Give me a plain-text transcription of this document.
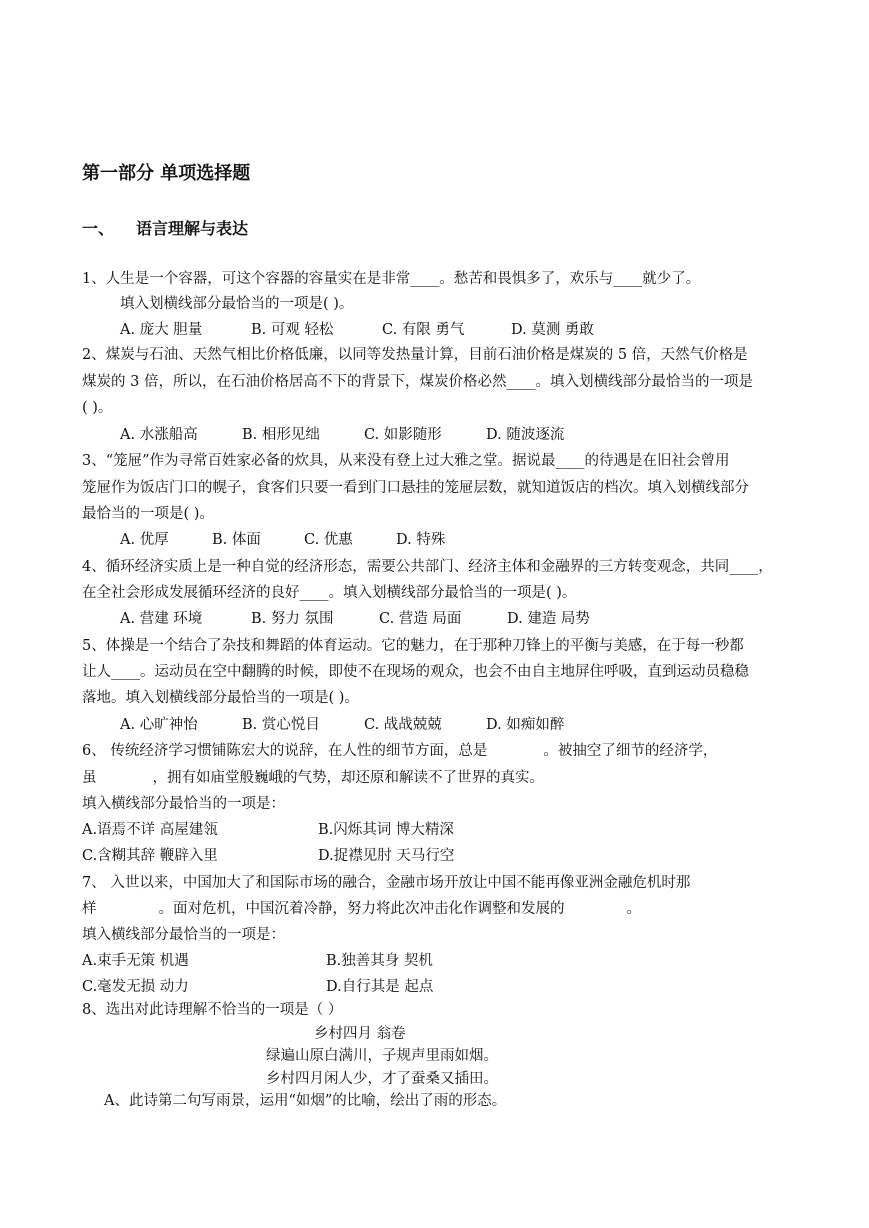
第一部分 单项选择题
一、 语言理解与表达
1、人生是一个容器，可这个容器的容量实在是非常____。愁苦和畏惧多了，欢乐与____就少了。
填入划横线部分最恰当的一项是( )。
A. 庞大 胆量	B. 可观 轻松	C. 有限 勇气	D. 莫测 勇敢
2、煤炭与石油、天然气相比价格低廉，以同等发热量计算，目前石油价格是煤炭的 5 倍，天然气价格是
煤炭的 3 倍，所以，在石油价格居高不下的背景下，煤炭价格必然____。填入划横线部分最恰当的一项是
( )。
A. 水涨船高	B. 相形见绌	C. 如影随形	D. 随波逐流
3、“笼屉”作为寻常百姓家必备的炊具，从来没有登上过大雅之堂。据说最____的待遇是在旧社会曾用
笼屉作为饭店门口的幌子，食客们只要一看到门口悬挂的笼屉层数，就知道饭店的档次。填入划横线部分
最恰当的一项是( )。
A. 优厚	B. 体面	C. 优惠	D. 特殊
4、循环经济实质上是一种自觉的经济形态，需要公共部门、经济主体和金融界的三方转变观念，共同____，
在全社会形成发展循环经济的良好____。填入划横线部分最恰当的一项是( )。
A. 营建 环境	B. 努力 氛围	C. 营造 局面	D. 建造 局势
5、体操是一个结合了杂技和舞蹈的体育运动。它的魅力，在于那种刀锋上的平衡与美感，在于每一秒都
让人____。运动员在空中翻腾的时候，即使不在现场的观众，也会不由自主地屏住呼吸，直到运动员稳稳
落地。填入划横线部分最恰当的一项是( )。
A. 心旷神怡	B. 赏心悦目	C. 战战兢兢	D. 如痴如醉
6、 传统经济学习惯铺陈宏大的说辞，在人性的细节方面，总是	。被抽空了细节的经济学，
虽	，拥有如庙堂般巍峨的气势，却还原和解读不了世界的真实。
填入横线部分最恰当的一项是：
A.语焉不详 高屋建瓴	B.闪烁其词 博大精深
C.含糊其辞 鞭辟入里	D.捉襟见肘 天马行空
7、 入世以来，中国加大了和国际市场的融合，金融市场开放让中国不能再像亚洲金融危机时那
样	。面对危机，中国沉着冷静，努力将此次冲击化作调整和发展的	。
填入横线部分最恰当的一项是：
A.束手无策 机遇	B.独善其身 契机
C.毫发无损 动力	D.自行其是 起点
8、选出对此诗理解不恰当的一项是（ ）
乡村四月 翁卷
绿遍山原白满川，子规声里雨如烟。
乡村四月闲人少，才了蚕桑又插田。
A、此诗第二句写雨景，运用“如烟”的比喻，绘出了雨的形态。
